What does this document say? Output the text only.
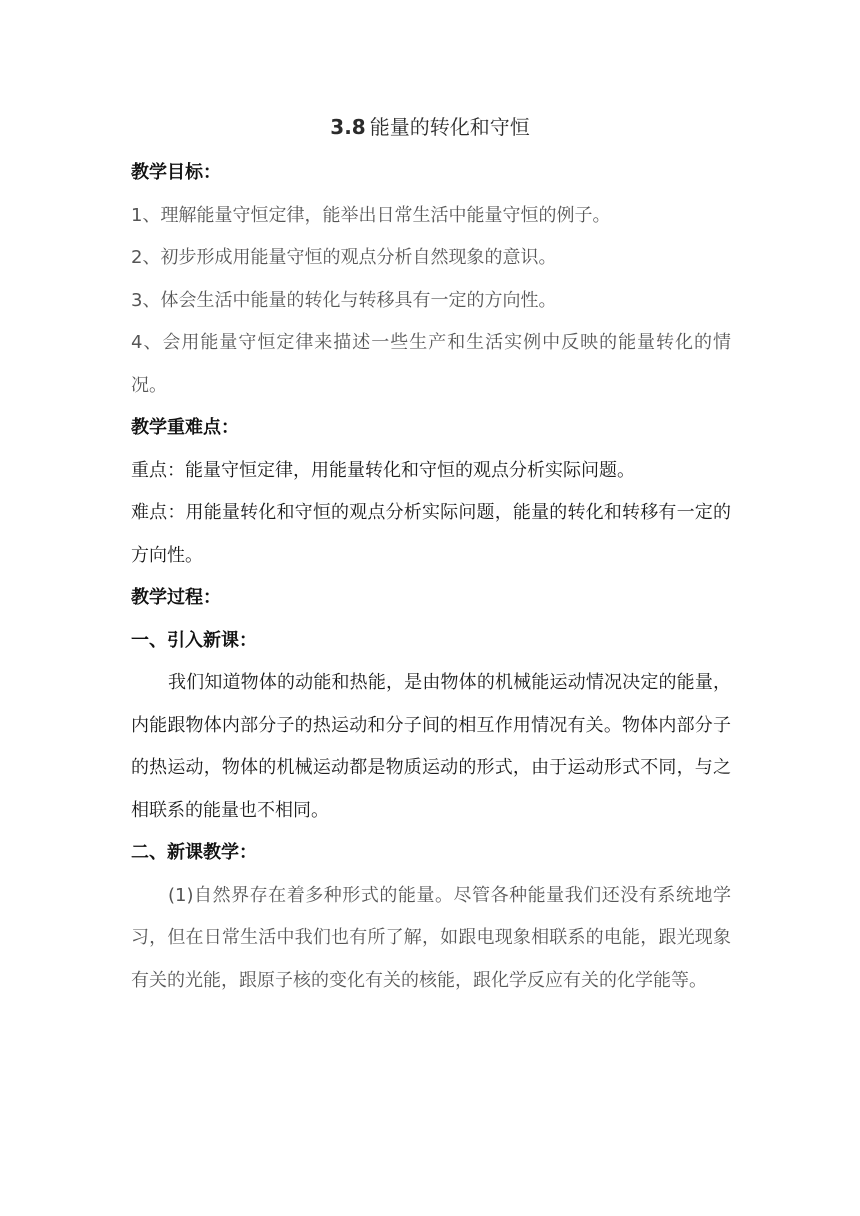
3.8 能量的转化和守恒
教学目标：
1、理解能量守恒定律，能举出日常生活中能量守恒的例子。
2、初步形成用能量守恒的观点分析自然现象的意识。
3、体会生活中能量的转化与转移具有一定的方向性。
4、会用能量守恒定律来描述一些生产和生活实例中反映的能量转化的情况。
教学重难点：
重点：能量守恒定律，用能量转化和守恒的观点分析实际问题。
难点：用能量转化和守恒的观点分析实际问题，能量的转化和转移有一定的方向性。
教学过程：
一、引入新课：
我们知道物体的动能和热能，是由物体的机械能运动情况决定的能量，内能跟物体内部分子的热运动和分子间的相互作用情况有关。物体内部分子的热运动，物体的机械运动都是物质运动的形式，由于运动形式不同，与之相联系的能量也不相同。
二、新课教学：
(1)自然界存在着多种形式的能量。尽管各种能量我们还没有系统地学习，但在日常生活中我们也有所了解，如跟电现象相联系的电能，跟光现象有关的光能，跟原子核的变化有关的核能，跟化学反应有关的化学能等。
